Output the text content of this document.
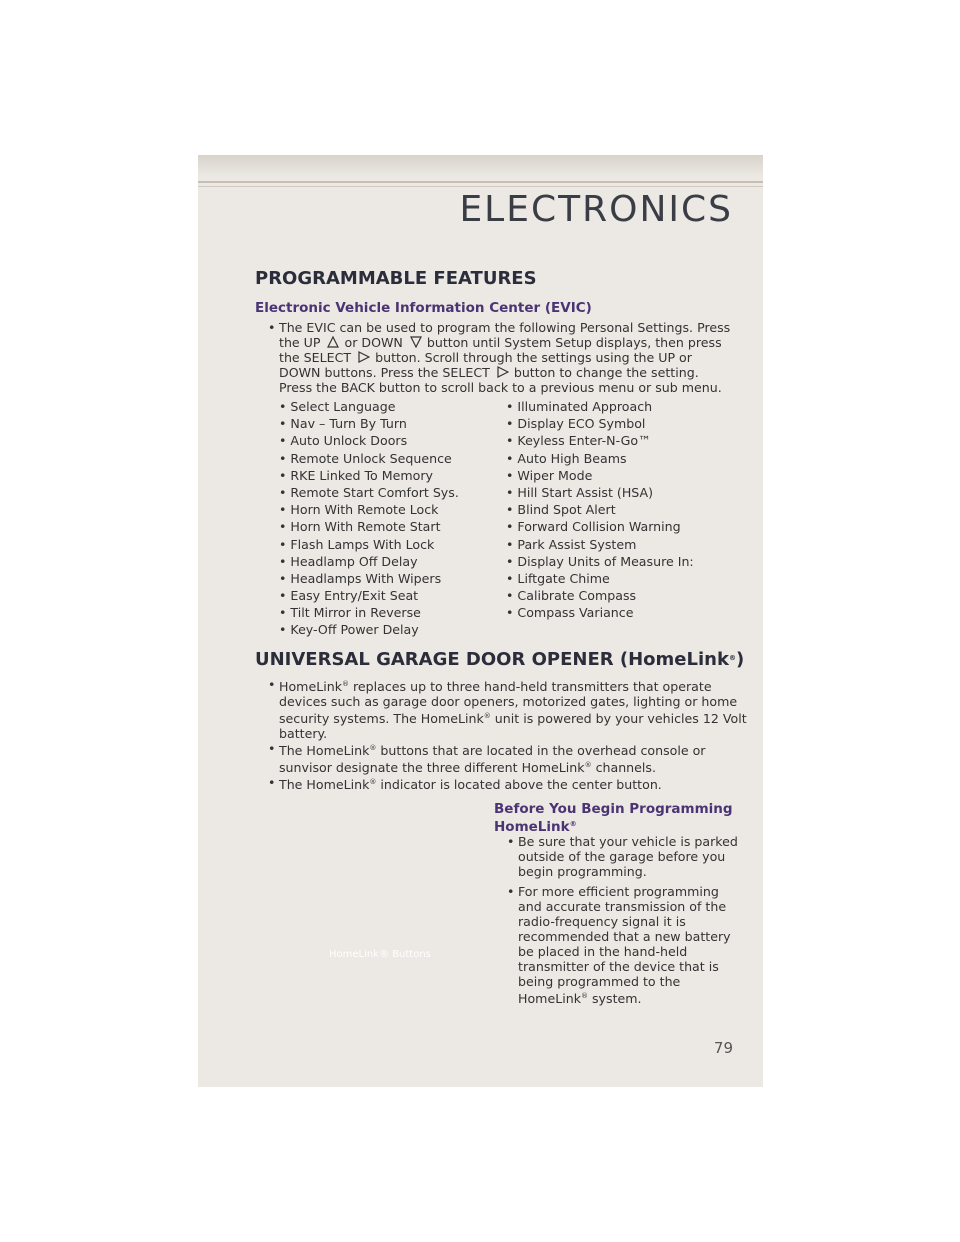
ELECTRONICS
PROGRAMMABLE FEATURES
Electronic Vehicle Information Center (EVIC)
• The EVIC can be used to program the following Personal Settings. Press
the UP or DOWN button until System Setup displays, then press
the SELECT button. Scroll through the settings using the UP or
DOWN buttons. Press the SELECT button to change the setting.
Press the BACK button to scroll back to a previous menu or sub menu.
• Select Language
• Nav – Turn By Turn
• Auto Unlock Doors
• Remote Unlock Sequence
• RKE Linked To Memory
• Remote Start Comfort Sys.
• Horn With Remote Lock
• Horn With Remote Start
• Flash Lamps With Lock
• Headlamp Off Delay
• Headlamps With Wipers
• Easy Entry/Exit Seat
• Tilt Mirror in Reverse
• Key-Off Power Delay
• Illuminated Approach
• Display ECO Symbol
• Keyless Enter-N-Go™
• Auto High Beams
• Wiper Mode
• Hill Start Assist (HSA)
• Blind Spot Alert
• Forward Collision Warning
• Park Assist System
• Display Units of Measure In:
• Liftgate Chime
• Calibrate Compass
• Compass Variance
UNIVERSAL GARAGE DOOR OPENER (HomeLink®)
• HomeLink® replaces up to three hand-held transmitters that operate
devices such as garage door openers, motorized gates, lighting or home
security systems. The HomeLink® unit is powered by your vehicles 12 Volt
battery.
• The HomeLink® buttons that are located in the overhead console or
sunvisor designate the three different HomeLink® channels.
• The HomeLink® indicator is located above the center button.
HomeLink® Buttons
Before You Begin Programming
HomeLink®
• Be sure that your vehicle is parked
outside of the garage before you
begin programming.
• For more efficient programming
and accurate transmission of the
radio-frequency signal it is
recommended that a new battery
be placed in the hand-held
transmitter of the device that is
being programmed to the
HomeLink® system.
79
